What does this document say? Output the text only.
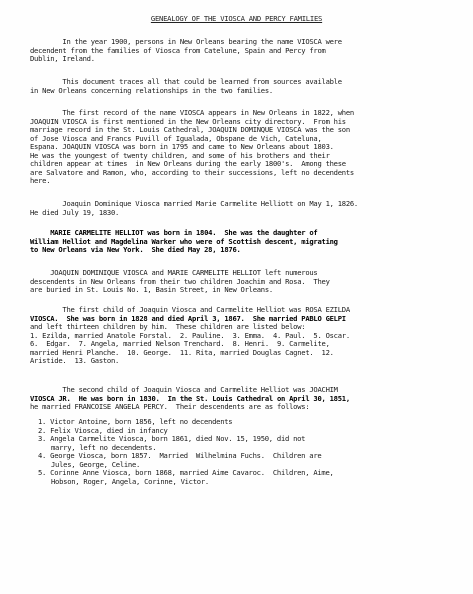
GENEALOGY OF THE VIOSCA AND PERCY FAMILIES
In the year 1900, persons in New Orleans bearing the name VIOSCA were
decendent from the families of Viosca from Catelune, Spain and Percy from
Dublin, Ireland.
This document traces all that could be learned from sources available
in New Orleans concerning relationships in the two families.
The first record of the name VIOSCA appears in New Orleans in 1822, when
JOAQUIN VIOSCA is first mentioned in the New Orleans city directory.  From his
marriage record in the St. Louis Cathedral, JOAQUIN DOMINQUE VIOSCA was the son
of Jose Viosca and Francs Puvill of Igualada, Obspane de Vich, Cateluna,
Espana. JOAQUIN VIOSCA was born in 1795 and came to New Orleans about 1803.
He was the youngest of twenty children, and some of his brothers and their
children appear at times  in New Orleans during the early 1800's.  Among these
are Salvatore and Ramon, who, according to their successions, left no decendents
here.
Joaquin Dominique Viosca married Marie Carmelite Helliott on May 1, 1826.
He died July 19, 1830.
MARIE CARMELITE HELLIOT was born in 1804.  She was the daughter of
William Helliot and Magdelina Warker who were of Scottish descent, migrating
to New Orleans via New York.  She died May 28, 1876.
JOAQUIN DOMINIQUE VIOSCA and MARIE CARMELITE HELLIOT left numerous
descendents in New Orleans from their two children Joachim and Rosa.  They
are buried in St. Louis No. 1, Basin Street, in New Orleans.
The first child of Joaquin Viosca and Carmelite Helliot was ROSA EZILDA
VIOSCA.  She was born in 1828 and died April 3, 1867.  She married PABLO GELPI
and left thirteen children by him.  These children are listed below:
1. Ezilda, married Anatole Forstal.  2. Pauline.  3. Emma.  4. Paul.  5. Oscar.
6.  Edgar.  7. Angela, married Nelson Trenchard.  8. Henri.  9. Carmelite,
married Henri Planche.  10. George.  11. Rita, married Douglas Cagnet.  12.
Aristide.  13. Gaston.
The second child of Joaquin Viosca and Carmelite Helliot was JOACHIM
VIOSCA JR.  He was born in 1830.  In the St. Louis Cathedral on April 30, 1851,
he married FRANCOISE ANGELA PERCY.  Their descendents are as follows:
1. Victor Antoine, born 1856, left no decendents
2. Felix Viosca, died in infancy
3. Angela Carmelite Viosca, born 1861, died Nov. 15, 1950, did not
marry, left no decendents.
4. George Viosca, born 1857.  Married  Wilhelmina Fuchs.  Children are
Jules, George, Celine.
5. Corinne Anne Viosca, born 1868, married Aime Cavaroc.  Children, Aime,
Hobson, Roger, Angela, Corinne, Victor.
